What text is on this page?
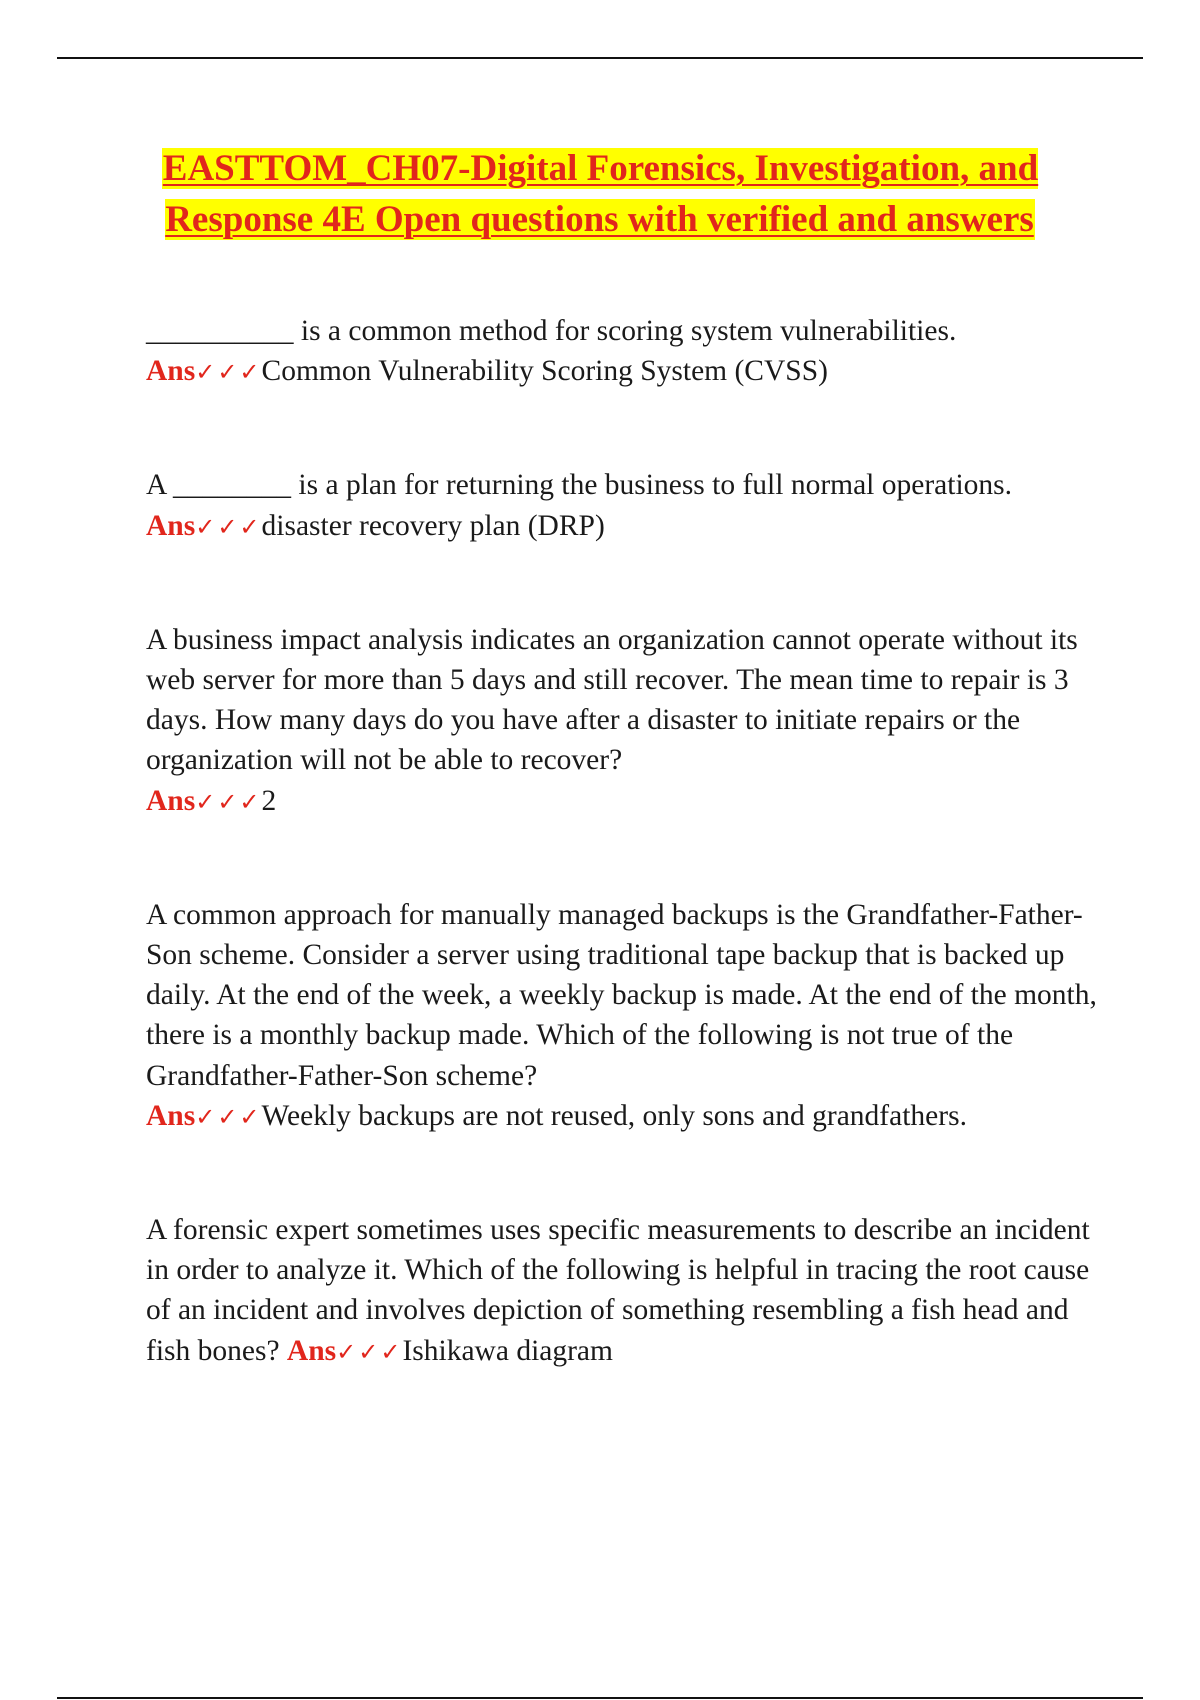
EASTTOM_CH07-Digital Forensics, Investigation, and Response 4E Open questions with verified and answers

__________ is a common method for scoring system vulnerabilities.
Ans✓✓✓Common Vulnerability Scoring System (CVSS)

A ________ is a plan for returning the business to full normal operations. Ans✓✓✓disaster recovery plan (DRP)

A business impact analysis indicates an organization cannot operate without its web server for more than 5 days and still recover. The mean time to repair is 3 days. How many days do you have after a disaster to initiate repairs or the organization will not be able to recover?
Ans✓✓✓2

A common approach for manually managed backups is the Grandfather-Father-Son scheme. Consider a server using traditional tape backup that is backed up daily. At the end of the week, a weekly backup is made. At the end of the month, there is a monthly backup made. Which of the following is not true of the Grandfather-Father-Son scheme?
Ans✓✓✓Weekly backups are not reused, only sons and grandfathers.

A forensic expert sometimes uses specific measurements to describe an incident in order to analyze it. Which of the following is helpful in tracing the root cause of an incident and involves depiction of something resembling a fish head and fish bones? Ans✓✓✓Ishikawa diagram
